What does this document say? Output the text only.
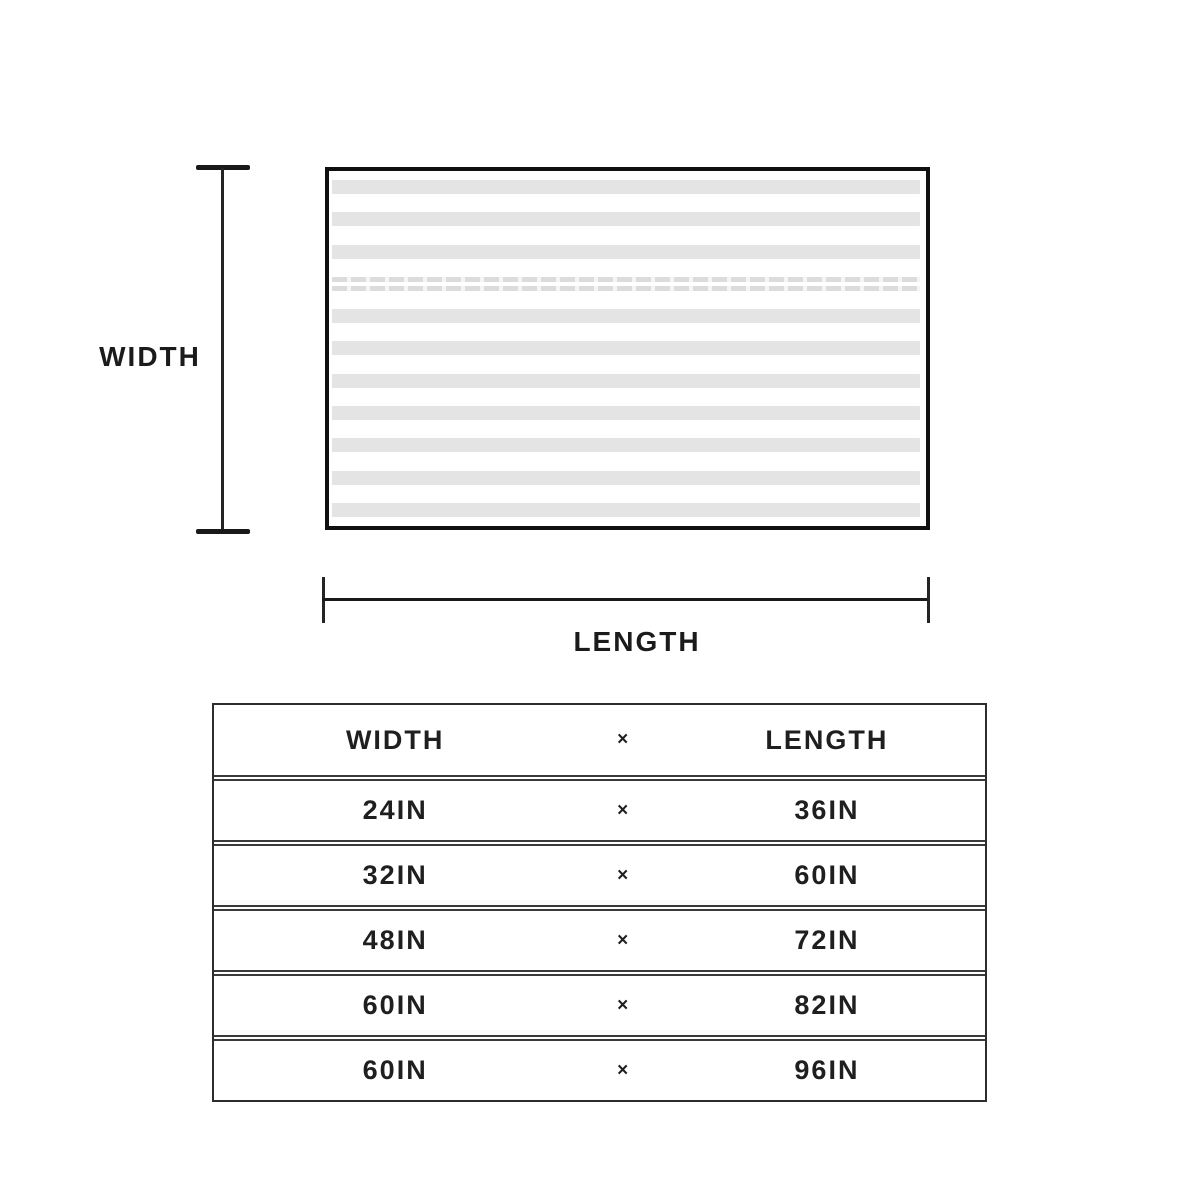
WIDTH
LENGTH
WIDTH	×	LENGTH
24IN	×	36IN
32IN	×	60IN
48IN	×	72IN
60IN	×	82IN
60IN	×	96IN
